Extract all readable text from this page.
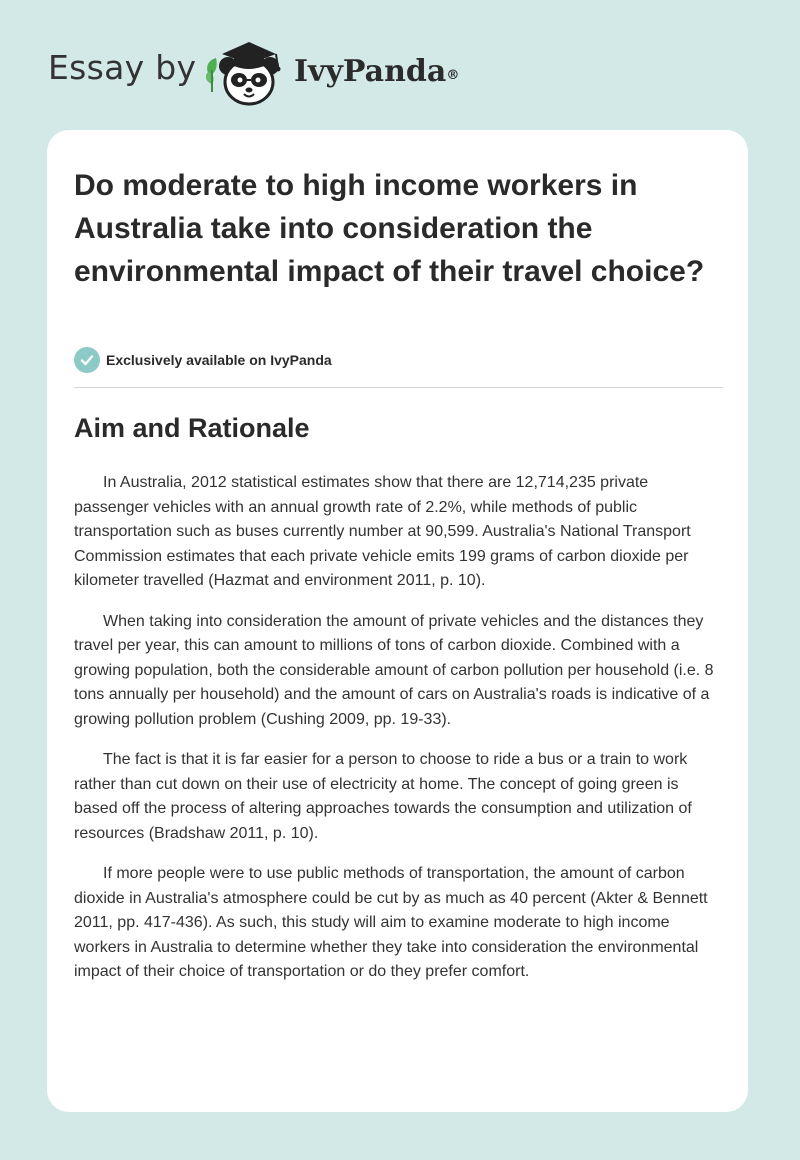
Essay by	IvyPanda®
Do moderate to high income workers in Australia take into consideration the environmental impact of their travel choice?
Exclusively available on IvyPanda
Aim and Rationale

In Australia, 2012 statistical estimates show that there are 12,714,235 private passenger vehicles with an annual growth rate of 2.2%, while methods of public transportation such as buses currently number at 90,599. Australia's National Transport Commission estimates that each private vehicle emits 199 grams of carbon dioxide per kilometer travelled (Hazmat and environment 2011, p. 10).

When taking into consideration the amount of private vehicles and the distances they travel per year, this can amount to millions of tons of carbon dioxide. Combined with a growing population, both the considerable amount of carbon pollution per household (i.e. 8 tons annually per household) and the amount of cars on Australia's roads is indicative of a growing pollution problem (Cushing 2009, pp. 19-33).

The fact is that it is far easier for a person to choose to ride a bus or a train to work rather than cut down on their use of electricity at home. The concept of going green is based off the process of altering approaches towards the consumption and utilization of resources (Bradshaw 2011, p. 10).

If more people were to use public methods of transportation, the amount of carbon dioxide in Australia's atmosphere could be cut by as much as 40 percent (Akter & Bennett 2011, pp. 417-436). As such, this study will aim to examine moderate to high income workers in Australia to determine whether they take into consideration the environmental impact of their choice of transportation or do they prefer comfort.
